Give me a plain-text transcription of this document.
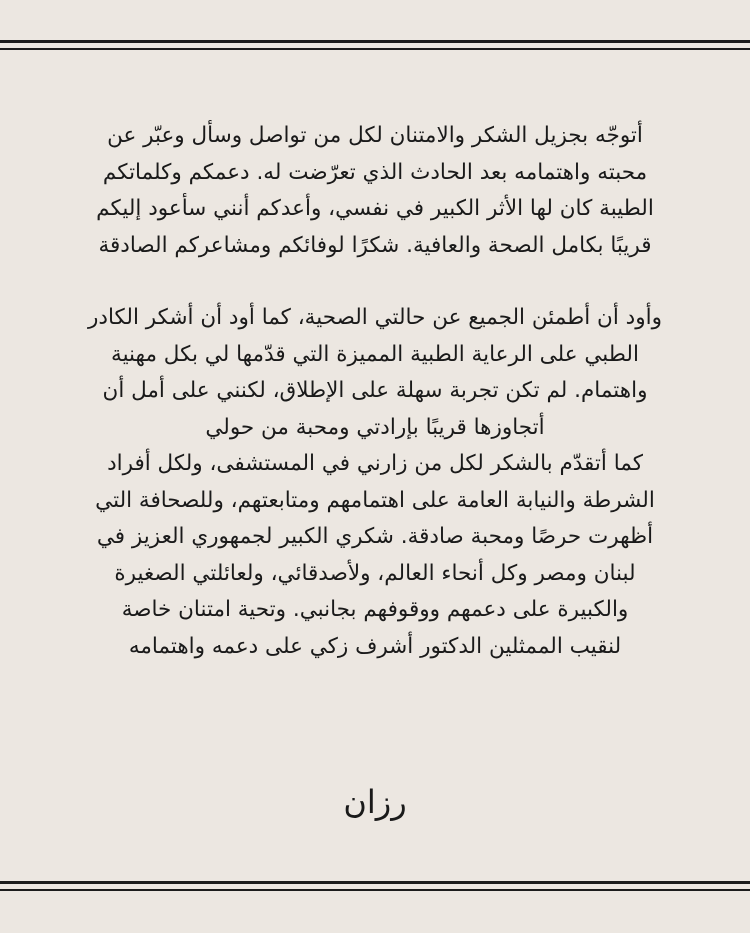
أتوجّه بجزيل الشكر والامتنان لكل من تواصل وسأل وعبّر عن
محبته واهتمامه بعد الحادث الذي تعرّضت له. دعمكم وكلماتكم
الطيبة كان لها الأثر الكبير في نفسي، وأعدكم أنني سأعود إليكم
قريبًا بكامل الصحة والعافية. شكرًا لوفائكم ومشاعركم الصادقة

وأود أن أطمئن الجميع عن حالتي الصحية، كما أود أن أشكر الكادر
الطبي على الرعاية الطبية المميزة التي قدّمها لي بكل مهنية
واهتمام. لم تكن تجربة سهلة على الإطلاق، لكنني على أمل أن
أتجاوزها قريبًا بإرادتي ومحبة من حولي

كما أتقدّم بالشكر لكل من زارني في المستشفى، ولكل أفراد
الشرطة والنيابة العامة على اهتمامهم ومتابعتهم، وللصحافة التي
أظهرت حرصًا ومحبة صادقة. شكري الكبير لجمهوري العزيز في
لبنان ومصر وكل أنحاء العالم، ولأصدقائي، ولعائلتي الصغيرة
والكبيرة على دعمهم ووقوفهم بجانبي. وتحية امتنان خاصة
لنقيب الممثلين الدكتور أشرف زكي على دعمه واهتمامه

رزان
